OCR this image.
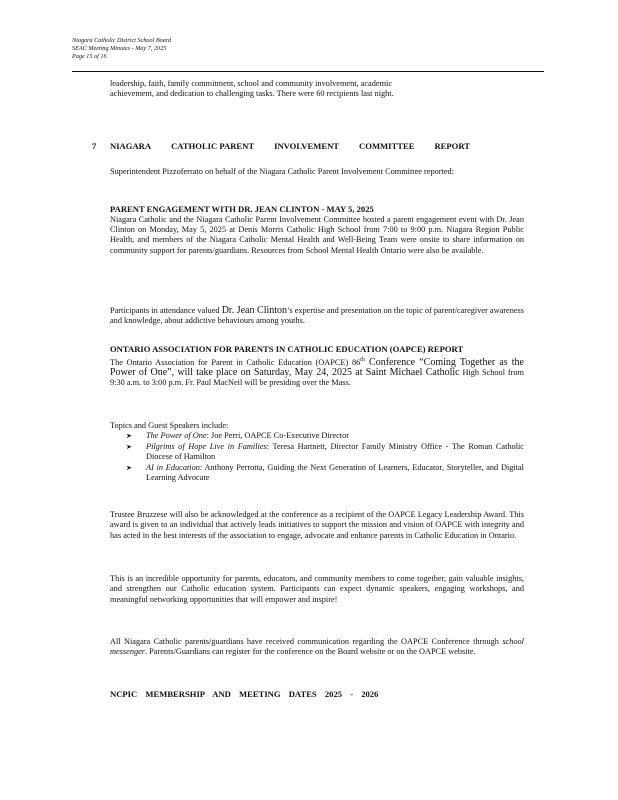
Niagara Catholic District School Board
SEAC Meeting Minutes - May 7, 2025
Page 15 of 16

leadership, faith, family commitment, school and community involvement, academic

achievement, and dedication to challenging tasks. There were 60 recipients last night.

7 NIAGARA CATHOLIC PARENT INVOLVEMENT COMMITTEE REPORT

Superintendent Pizzoferrato on behalf of the Niagara Catholic Parent Involvement Committee reported:

PARENT ENGAGEMENT WITH DR. JEAN CLINTON - MAY 5, 2025

Niagara Catholic and the Niagara Catholic Parent Involvement Committee hosted a parent engagement event with Dr. Jean Clinton on Monday, May 5, 2025 at Denis Morris Catholic High School from 7:00 to 9:00 p.m. Niagara Region Public Health, and members of the Niagara Catholic Mental Health and Well-Being Team were onsite to share information on community support for parents/guardians. Resources from School Mental Health Ontario were also be available.

Participants in attendance valued Dr. Jean Clinton’s expertise and presentation on the topic of parent/caregiver awareness and knowledge, about addictive behaviours among youths.

ONTARIO ASSOCIATION FOR PARENTS IN CATHOLIC EDUCATION (OAPCE) REPORT

The Ontario Association for Parent in Catholic Education (OAPCE) 86th Conference “Coming Together as the Power of One”, will take place on Saturday, May 24, 2025 at Saint Michael Catholic High School from 9:30 a.m. to 3:00 p.m. Fr. Paul MacNeil will be presiding over the Mass.

Topics and Guest Speakers include:

➤ The Power of One: Joe Perri, OAPCE Co-Executive Director
➤ Pilgrims of Hope Live in Families: Teresa Hartnett, Director Family Ministry Office - The Roman Catholic Diocese of Hamilton
➤ AI in Education: Anthony Perrotta, Guiding the Next Generation of Learners, Educator, Storyteller, and Digital Learning Advocate

Trustee Bruzzese will also be acknowledged at the conference as a recipient of the OAPCE Legacy Leadership Award. This award is given to an individual that actively leads initiatives to support the mission and vision of OAPCE with integrity and has acted in the best interests of the association to engage, advocate and enhance parents in Catholic Education in Ontario.

This is an incredible opportunity for parents, educators, and community members to come together, gain valuable insights, and strengthen our Catholic education system. Participants can expect dynamic speakers, engaging workshops, and meaningful networking opportunities that will empower and inspire!

All Niagara Catholic parents/guardians have received communication regarding the OAPCE Conference through school messenger. Parents/Guardians can register for the conference on the Board website or on the OAPCE website.

NCPIC MEMBERSHIP AND MEETING DATES 2025 - 2026
